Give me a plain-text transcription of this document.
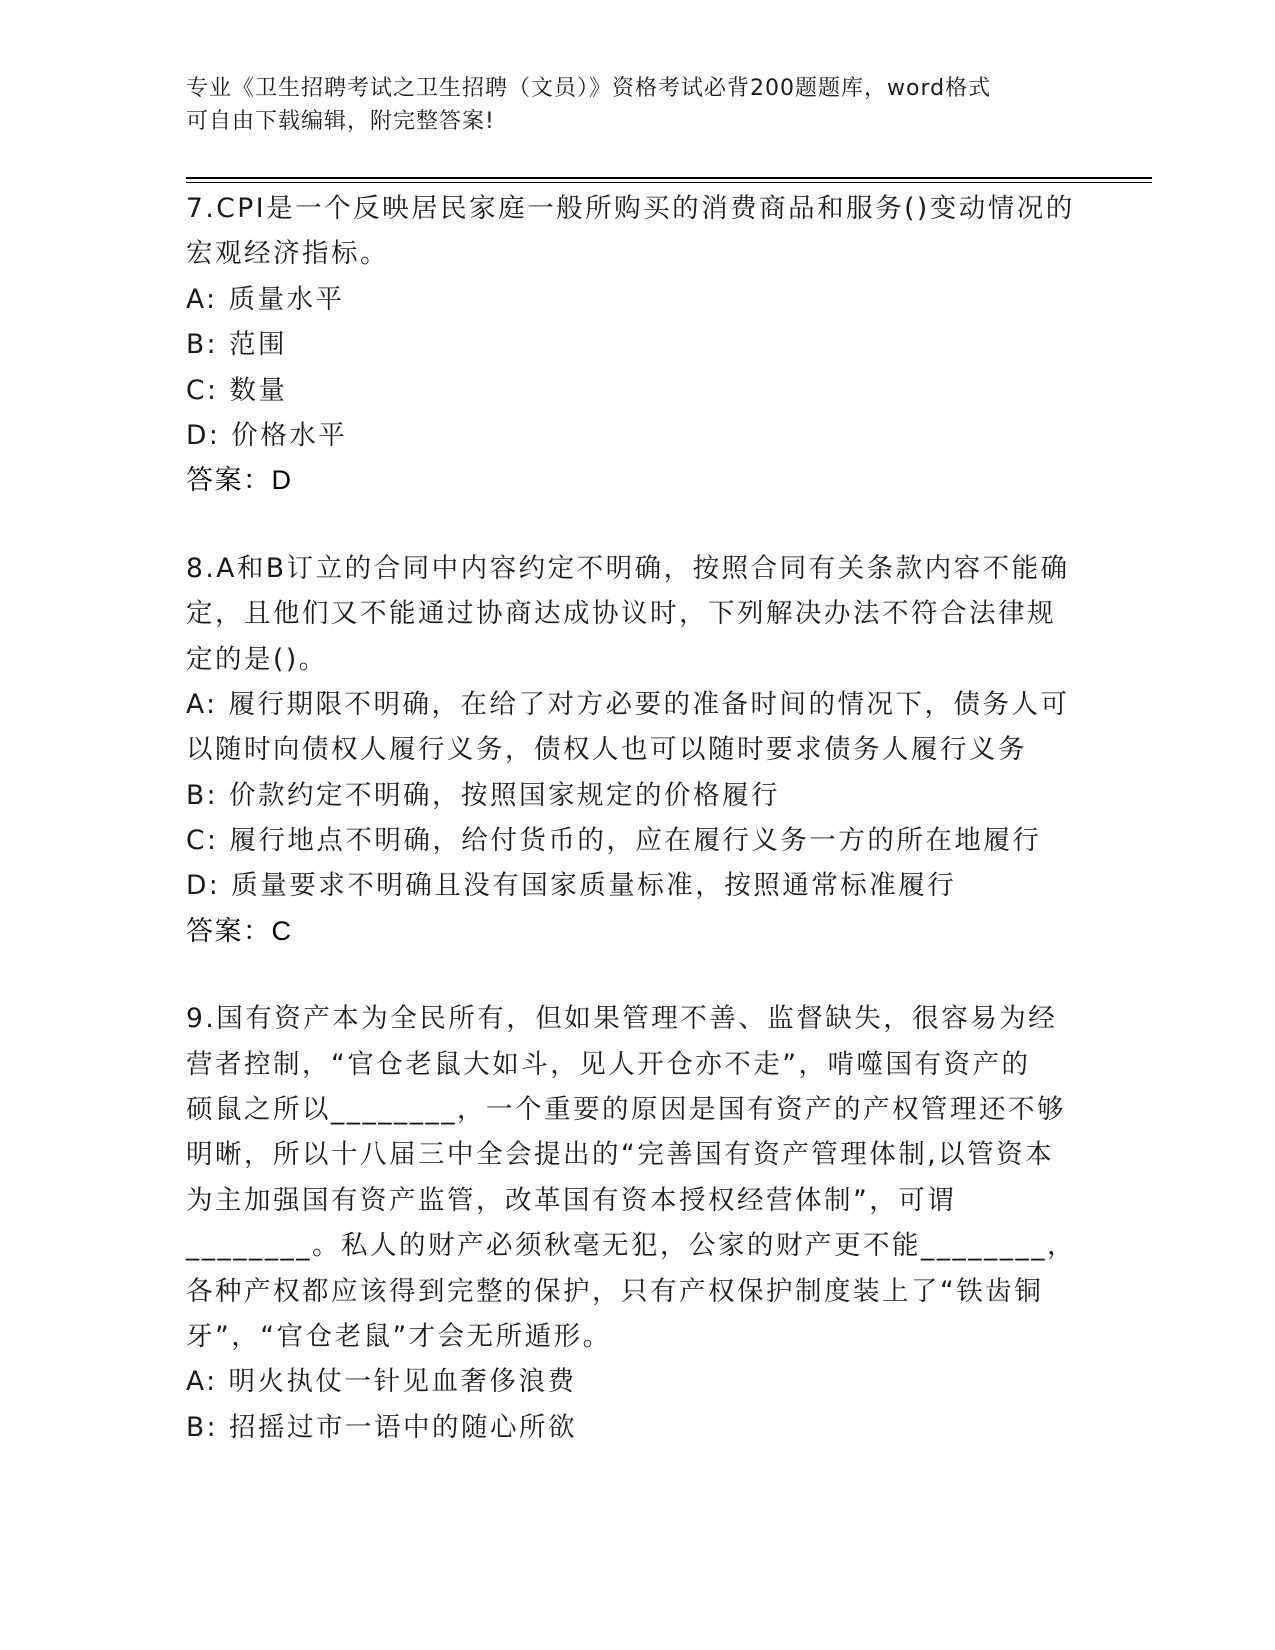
专业《卫生招聘考试之卫生招聘（文员）》资格考试必背200题题库，word格式
可自由下载编辑，附完整答案!
7.CPI是一个反映居民家庭一般所购买的消费商品和服务()变动情况的
宏观经济指标。
A: 质量水平
B: 范围
C: 数量
D: 价格水平
答案：D
8.A和B订立的合同中内容约定不明确，按照合同有关条款内容不能确
定，且他们又不能通过协商达成协议时，下列解决办法不符合法律规
定的是()。
A: 履行期限不明确，在给了对方必要的准备时间的情况下，债务人可
以随时向债权人履行义务，债权人也可以随时要求债务人履行义务
B: 价款约定不明确，按照国家规定的价格履行
C: 履行地点不明确，给付货币的，应在履行义务一方的所在地履行
D: 质量要求不明确且没有国家质量标准，按照通常标准履行
答案：C
9.国有资产本为全民所有，但如果管理不善、监督缺失，很容易为经
营者控制，“官仓老鼠大如斗，见人开仓亦不走”，啃噬国有资产的
硕鼠之所以________，一个重要的原因是国有资产的产权管理还不够
明晰，所以十八届三中全会提出的“完善国有资产管理体制,以管资本
为主加强国有资产监管，改革国有资本授权经营体制”，可谓
________。私人的财产必须秋毫无犯，公家的财产更不能________，
各种产权都应该得到完整的保护，只有产权保护制度装上了“铁齿铜
牙”，“官仓老鼠”才会无所遁形。
A: 明火执仗一针见血奢侈浪费
B: 招摇过市一语中的随心所欲
